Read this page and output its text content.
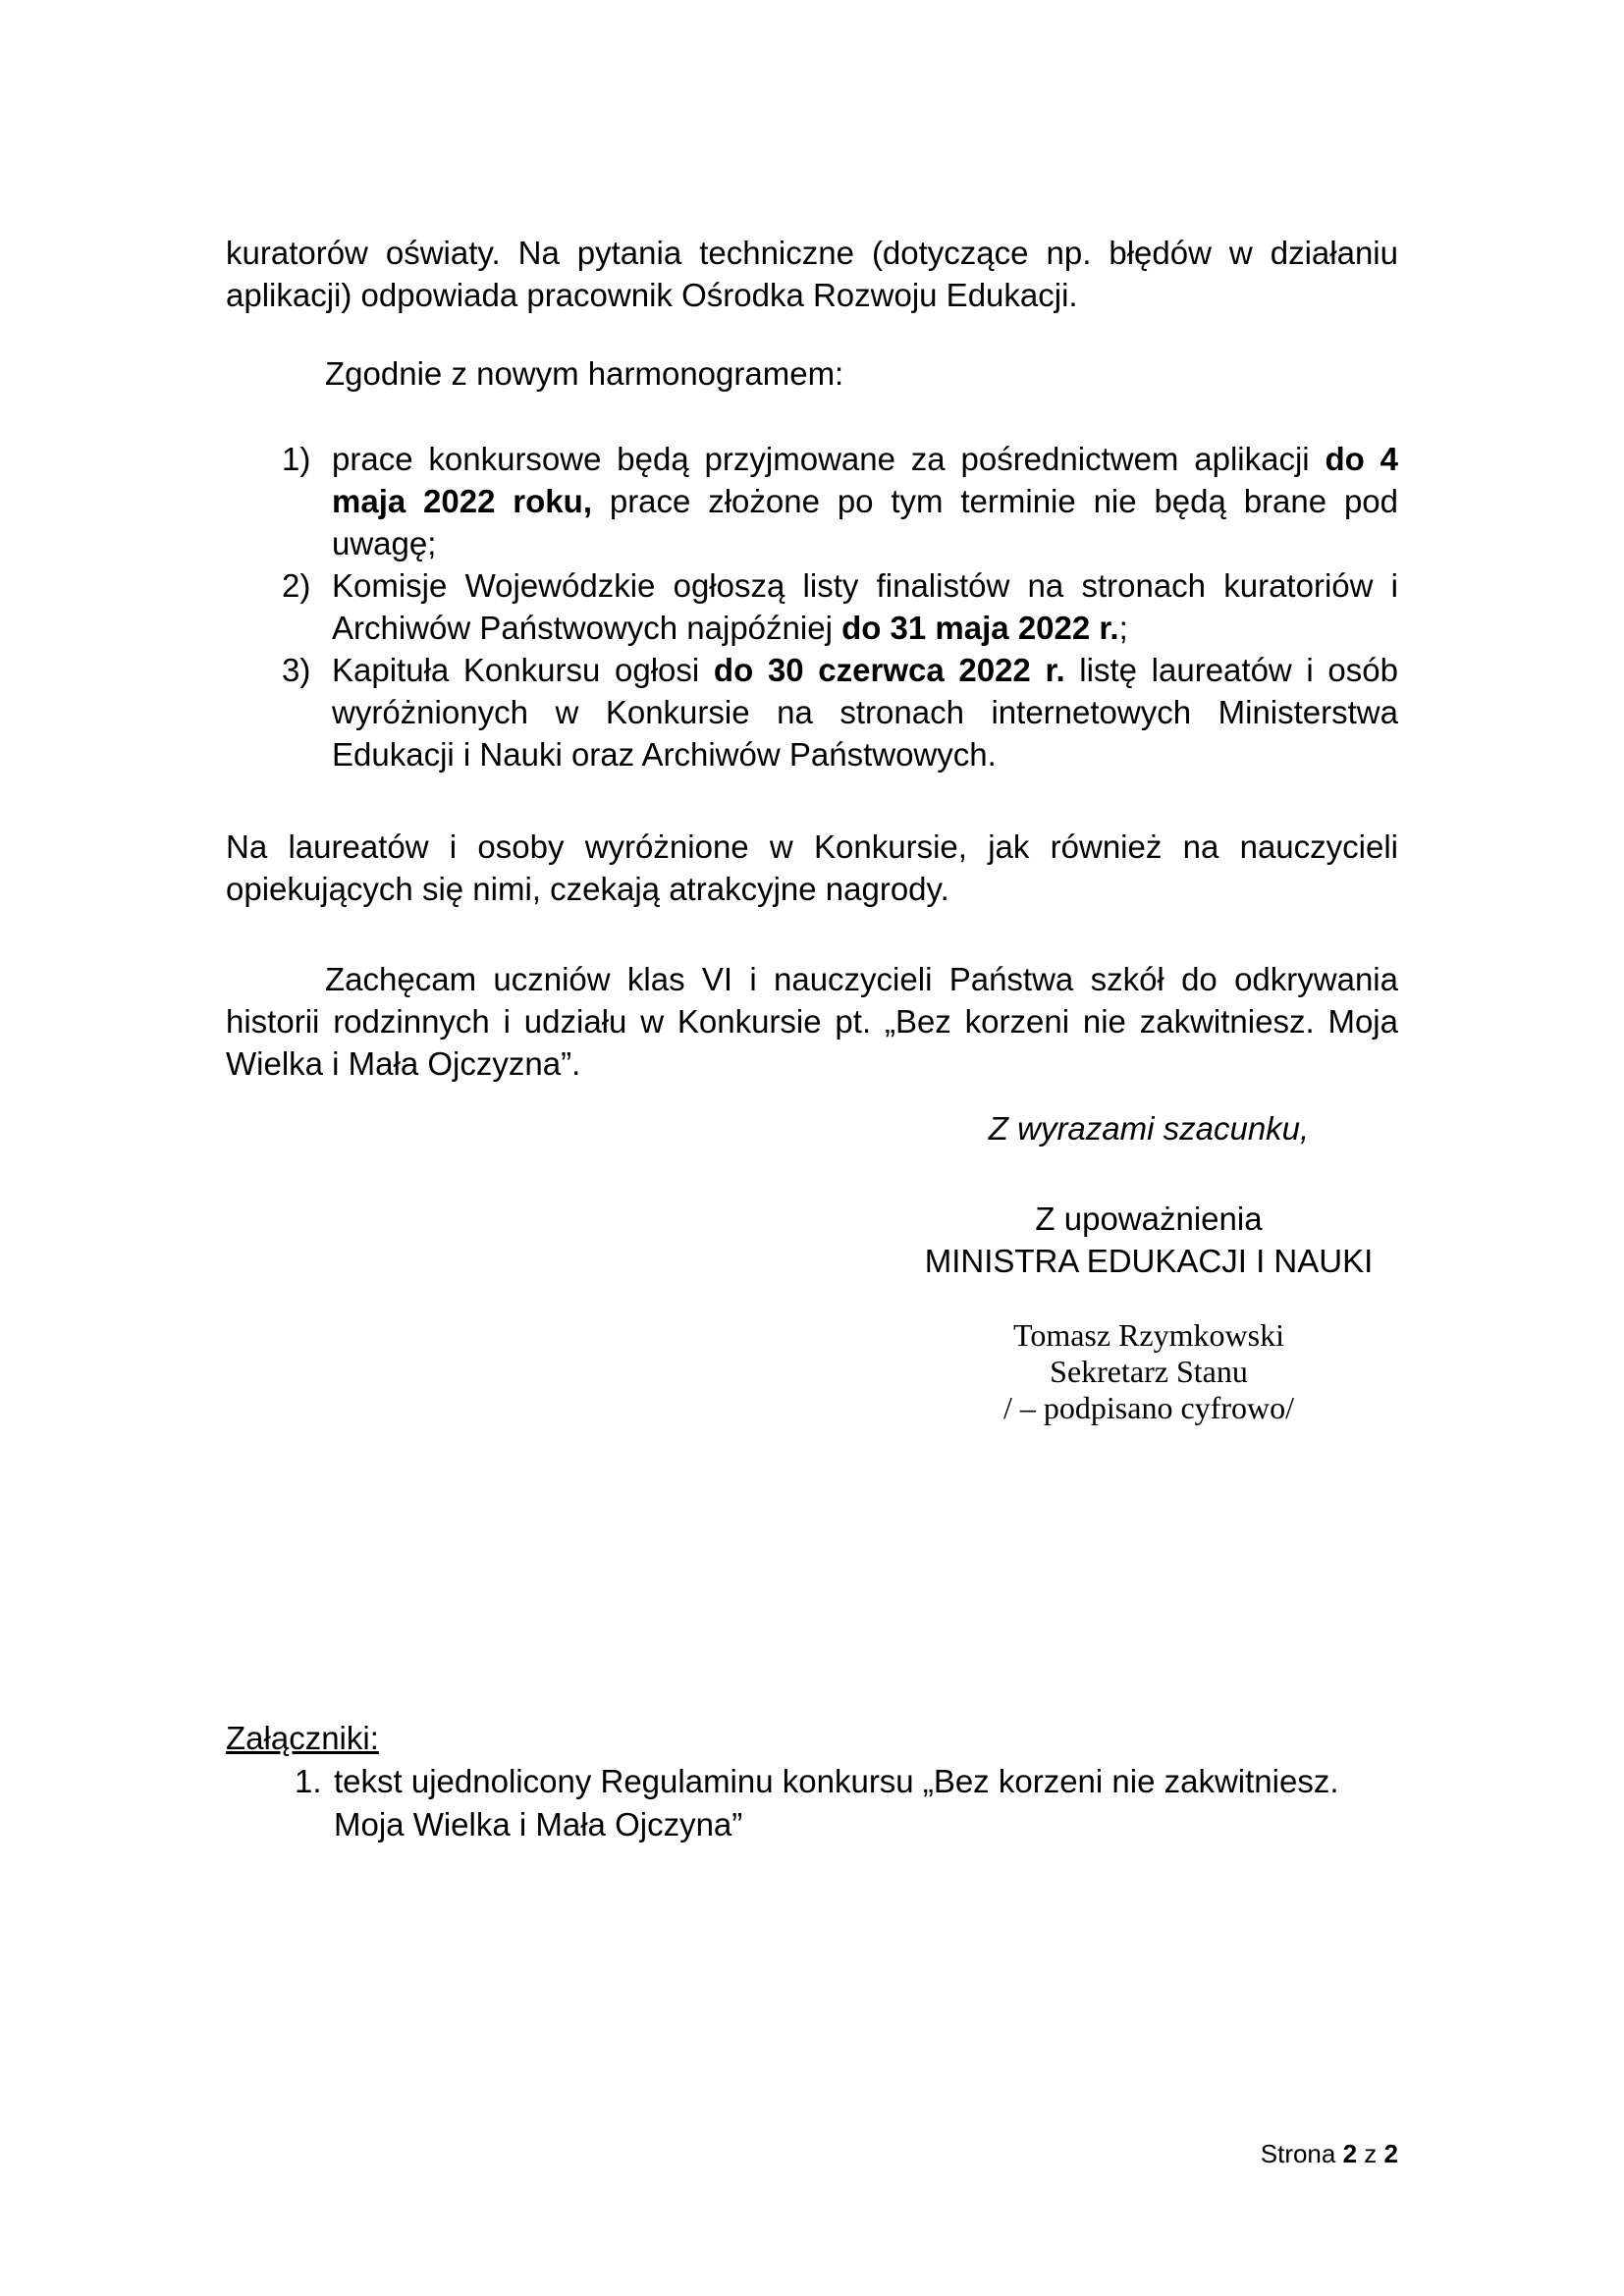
kuratorów oświaty. Na pytania techniczne (dotyczące np. błędów w działaniu aplikacji) odpowiada pracownik Ośrodka Rozwoju Edukacji.

Zgodnie z nowym harmonogramem:

1) prace konkursowe będą przyjmowane za pośrednictwem aplikacji do 4 maja 2022 roku, prace złożone po tym terminie nie będą brane pod uwagę;
2) Komisje Wojewódzkie ogłoszą listy finalistów na stronach kuratoriów i Archiwów Państwowych najpóźniej do 31 maja 2022 r.;
3) Kapituła Konkursu ogłosi do 30 czerwca 2022 r. listę laureatów i osób wyróżnionych w Konkursie na stronach internetowych Ministerstwa Edukacji i Nauki oraz Archiwów Państwowych.

Na laureatów i osoby wyróżnione w Konkursie, jak również na nauczycieli opiekujących się nimi, czekają atrakcyjne nagrody.

Zachęcam uczniów klas VI i nauczycieli Państwa szkół do odkrywania historii rodzinnych i udziału w Konkursie pt. „Bez korzeni nie zakwitniesz. Moja Wielka i Mała Ojczyzna”.

Z wyrazami szacunku,

Z upoważnienia

MINISTRA EDUKACJI I NAUKI

Tomasz Rzymkowski

Sekretarz Stanu

/ – podpisano cyfrowo/

Załączniki:

1. tekst ujednolicony Regulaminu konkursu „Bez korzeni nie zakwitniesz. Moja Wielka i Mała Ojczyna”
Strona 2 z 2
